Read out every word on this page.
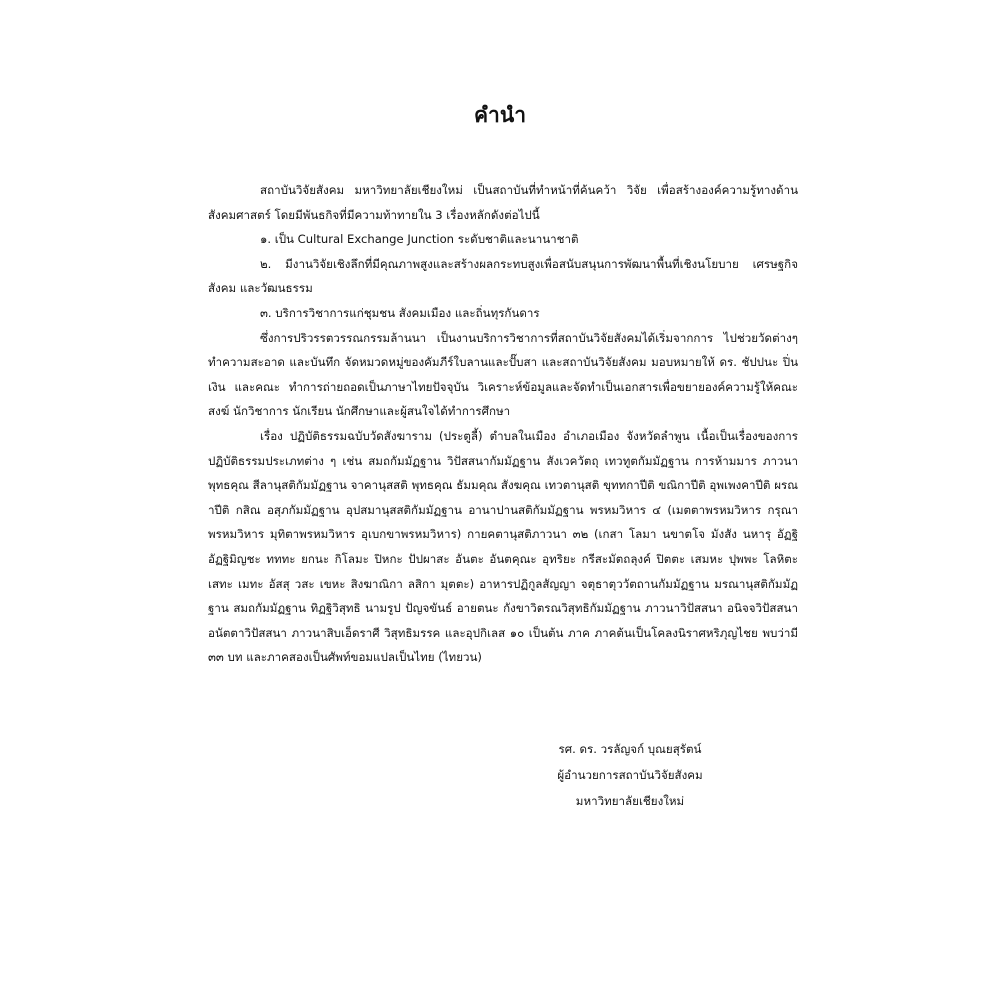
คำนำ

สถาบันวิจัยสังคม มหาวิทยาลัยเชียงใหม่ เป็นสถาบันที่ทำหน้าที่ค้นคว้า วิจัย เพื่อสร้างองค์ความรู้ทางด้านสังคมศาสตร์ โดยมีพันธกิจที่มีความท้าทายใน 3 เรื่องหลักดังต่อไปนี้

๑. เป็น Cultural Exchange Junction ระดับชาติและนานาชาติ

๒. มีงานวิจัยเชิงลึกที่มีคุณภาพสูงและสร้างผลกระทบสูงเพื่อสนับสนุนการพัฒนาพื้นที่เชิงนโยบาย เศรษฐกิจ สังคม และวัฒนธรรม

๓. บริการวิชาการแก่ชุมชน สังคมเมือง และถิ่นทุรกันดาร

ซึ่งการปริวรรตวรรณกรรมล้านนา เป็นงานบริการวิชาการที่สถาบันวิจัยสังคมได้เริ่มจากการ ไปช่วยวัดต่างๆ ทำความสะอาด และบันทึก จัดหมวดหมู่ของคัมภีร์ใบลานและปั๊บสา และสถาบันวิจัยสังคม มอบหมายให้ ดร. ชัปปนะ ปิ่นเงิน และคณะ ทำการถ่ายถอดเป็นภาษาไทยปัจจุบัน วิเคราะห์ข้อมูลและจัดทำเป็นเอกสารเพื่อขยายองค์ความรู้ให้คณะสงฆ์ นักวิชาการ นักเรียน นักศึกษาและผู้สนใจได้ทำการศึกษา

เรื่อง ปฏิบัติธรรมฉบับวัดสังฆาราม (ประตูลี้) ตำบลในเมือง อำเภอเมือง จังหวัดลำพูน เนื้อเป็นเรื่องของการปฏิบัติธรรมประเภทต่าง ๆ เช่น สมถกัมมัฏฐาน วิปัสสนากัมมัฏฐาน สังเวควัตถุ เทวทูตกัมมัฏฐาน การห้ามมาร ภาวนาพุทธคุณ สีลานุสติกัมมัฏฐาน จาคานุสสติ พุทธคุณ ธัมมคุณ สังฆคุณ เทวตานุสติ ขุททกาปีติ ขณิกาปีติ อุพเพงคาปีติ ผรณาปีติ กสิณ อสุภกัมมัฏฐาน อุปสมานุสสติกัมมัฏฐาน อานาปานสติกัมมัฏฐาน พรหมวิหาร ๔ (เมตตาพรหมวิหาร กรุณาพรหมวิหาร มุทิตาพรหมวิหาร อุเบกขาพรหมวิหาร) กายคตานุสติภาวนา ๓๒ (เกสา โลมา นขาตโจ มังสัง นหารุ อัฏฐิ อัฏฐิมิญชะ ทททะ ยกนะ กิโลมะ ปิหกะ ปัปผาสะ อันตะ อันตคุณะ อุทริยะ กรีสะมัตถลุงค์ ปิตตะ เสมหะ ปุพพะ โลหิตะ เสทะ เมทะ อัสสุ วสะ เขหะ สิงฆาณิกา ลสิกา มุตตะ) อาหารปฏิกูลสัญญา จตุธาตุววัตถานกัมมัฏฐาน มรณานุสติกัมมัฏฐาน สมถกัมมัฏฐาน ทิฏฐิวิสุทธิ นามรูป ปัญจขันธ์ อายตนะ กังขาวิตรณวิสุทธิกัมมัฏฐาน ภาวนาวิปัสสนา อนิจจวิปัสสนา อนัตตาวิปัสสนา ภาวนาสิบเอ็ดราศี วิสุทธิมรรค และอุปกิเลส ๑๐ เป็นต้น ภาค ภาคต้นเป็นโคลงนิราศหริภุญไชย พบว่ามี ๓๓ บท และภาคสองเป็นศัพท์ขอมแปลเป็นไทย (ไทยวน)

รศ. ดร. วรลัญจก์ บุณยสุรัตน์
ผู้อำนวยการสถาบันวิจัยสังคม
มหาวิทยาลัยเชียงใหม่
